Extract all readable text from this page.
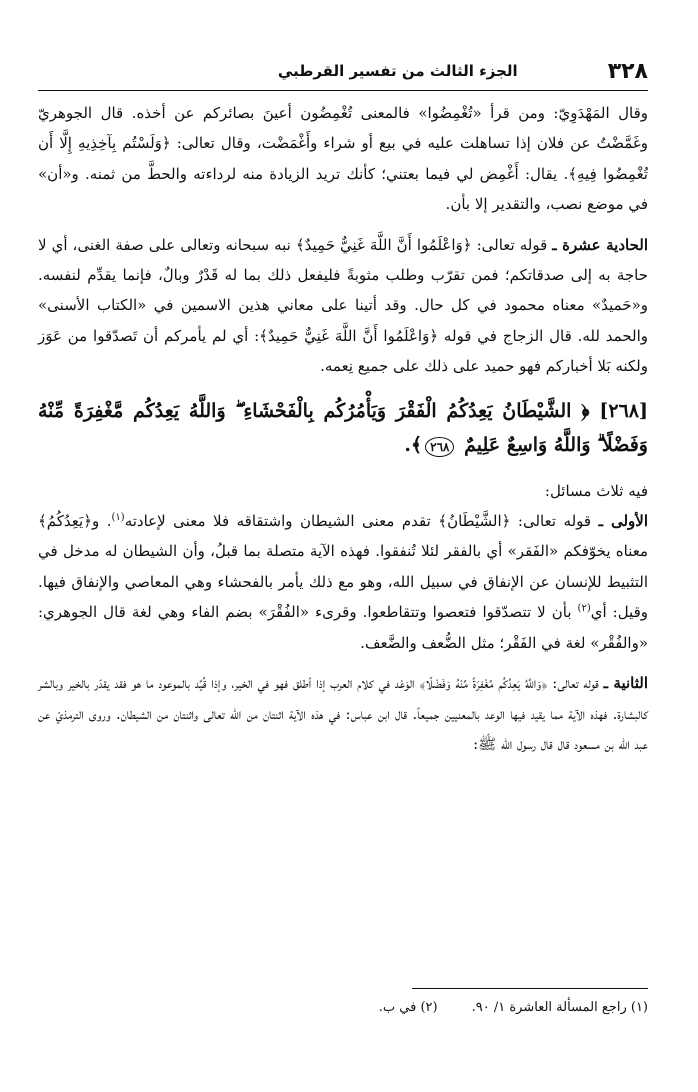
٣٢٨
الجزء الثالث من تفسير القرطبي

وقال المَهْدَوِيّ: ومن قرأ «تُغْمِضُوا» فالمعنى تُغْمِضُون أعينَ بصائركم عن أخذه. قال الجوهريّ وغَمَّضْتُ عن فلان إذا تساهلت عليه في بيع أو شراء وأَغْمَضْت، وقال تعالى: ﴿وَلَسْتُم بِآخِذِيهِ إِلَّا أَن تُغْمِضُوا فِيهِ﴾. يقال: أَغْمِض لي فيما بعتني؛ كأنك تريد الزيادة منه لرداءته والحطَّ من ثمنه. و«أن» في موضع نصب، والتقدير إلا بأن.

الحادية عشرة ـ قوله تعالى: ﴿وَاعْلَمُوا أَنَّ اللَّهَ غَنِيٌّ حَمِيدٌ﴾ نبه سبحانه وتعالى على صفة الغنى، أي لا حاجة به إلى صدقاتكم؛ فمن تقرّب وطلب مثوبةً فليفعل ذلك بما له قَدْرٌ وبالٌ، فإنما يقدِّم لنفسه. و«حَميدٌ» معناه محمود في كل حال. وقد أتينا على معاني هذين الاسمين في «الكتاب الأسنى» والحمد لله. قال الزجاج في قوله ﴿وَاعْلَمُوا أَنَّ اللَّهَ غَنِيٌّ حَمِيدٌ﴾: أي لم يأمركم أن تَصدّقوا من عَوَز ولكنه بَلا أخباركم فهو حميد على ذلك على جميع نِعمه.

[٢٦٨] ﴿ الشَّيْطَانُ يَعِدُكُمُ الْفَقْرَ وَيَأْمُرُكُم بِالْفَحْشَاءِ ۖ وَاللَّهُ يَعِدُكُم مَّغْفِرَةً مِّنْهُ وَفَضْلًا ۗ وَاللَّهُ وَاسِعٌ عَلِيمٌ ٢٦٨﴾.

فيه ثلاث مسائل:

الأولى ـ قوله تعالى: ﴿الشَّيْطَانُ﴾ تقدم معنى الشيطان واشتقاقه فلا معنى لإعادته$^{(١)}$. و﴿يَعِدُكُمُ﴾ معناه يخوّفكم «الفَقر» أي بالفقر لئلا تُنفقوا. فهذه الآية متصلة بما قبلُ، وأن الشيطان له مدخل في التثبيط للإنسان عن الإنفاق في سبيل الله، وهو مع ذلك يأمر بالفحشاء وهي المعاصي والإنفاق فيها. وقيل: أي$^{(٢)}$ بأن لا تتصدّقوا فتعصوا وتتقاطعوا. وقرىء «الفُقْرَ» بضم الفاء وهي لغة قال الجوهري: «والفُقْر» لغة في الفَقْر؛ مثل الضُّعف والضَّعف.

الثانية ـ قوله تعالى: ﴿وَاللَّهُ يَعِدُكُم مَّغْفِرَةً مِّنْهُ وَفَضْلًا﴾ الوَعْد في كلام العرب إذا أطلق فهو في الخير، وإذا قُيِّد بالموعود ما هو فقد يقدّر بالخير وبالشر كالبشارة. فهذه الآية مما يقيد فيها الوعد بالمعنيين جميعاً. قال ابن عباس: في هذه الآية اثنتان من الله تعالى واثنتان من الشيطان. وروى الترمذيّ عن عبد الله بن مسعود قال قال رسول الله ﷺ:

(١) راجع المسألة العاشرة ١/ ٩٠.
(٢) في ب.
